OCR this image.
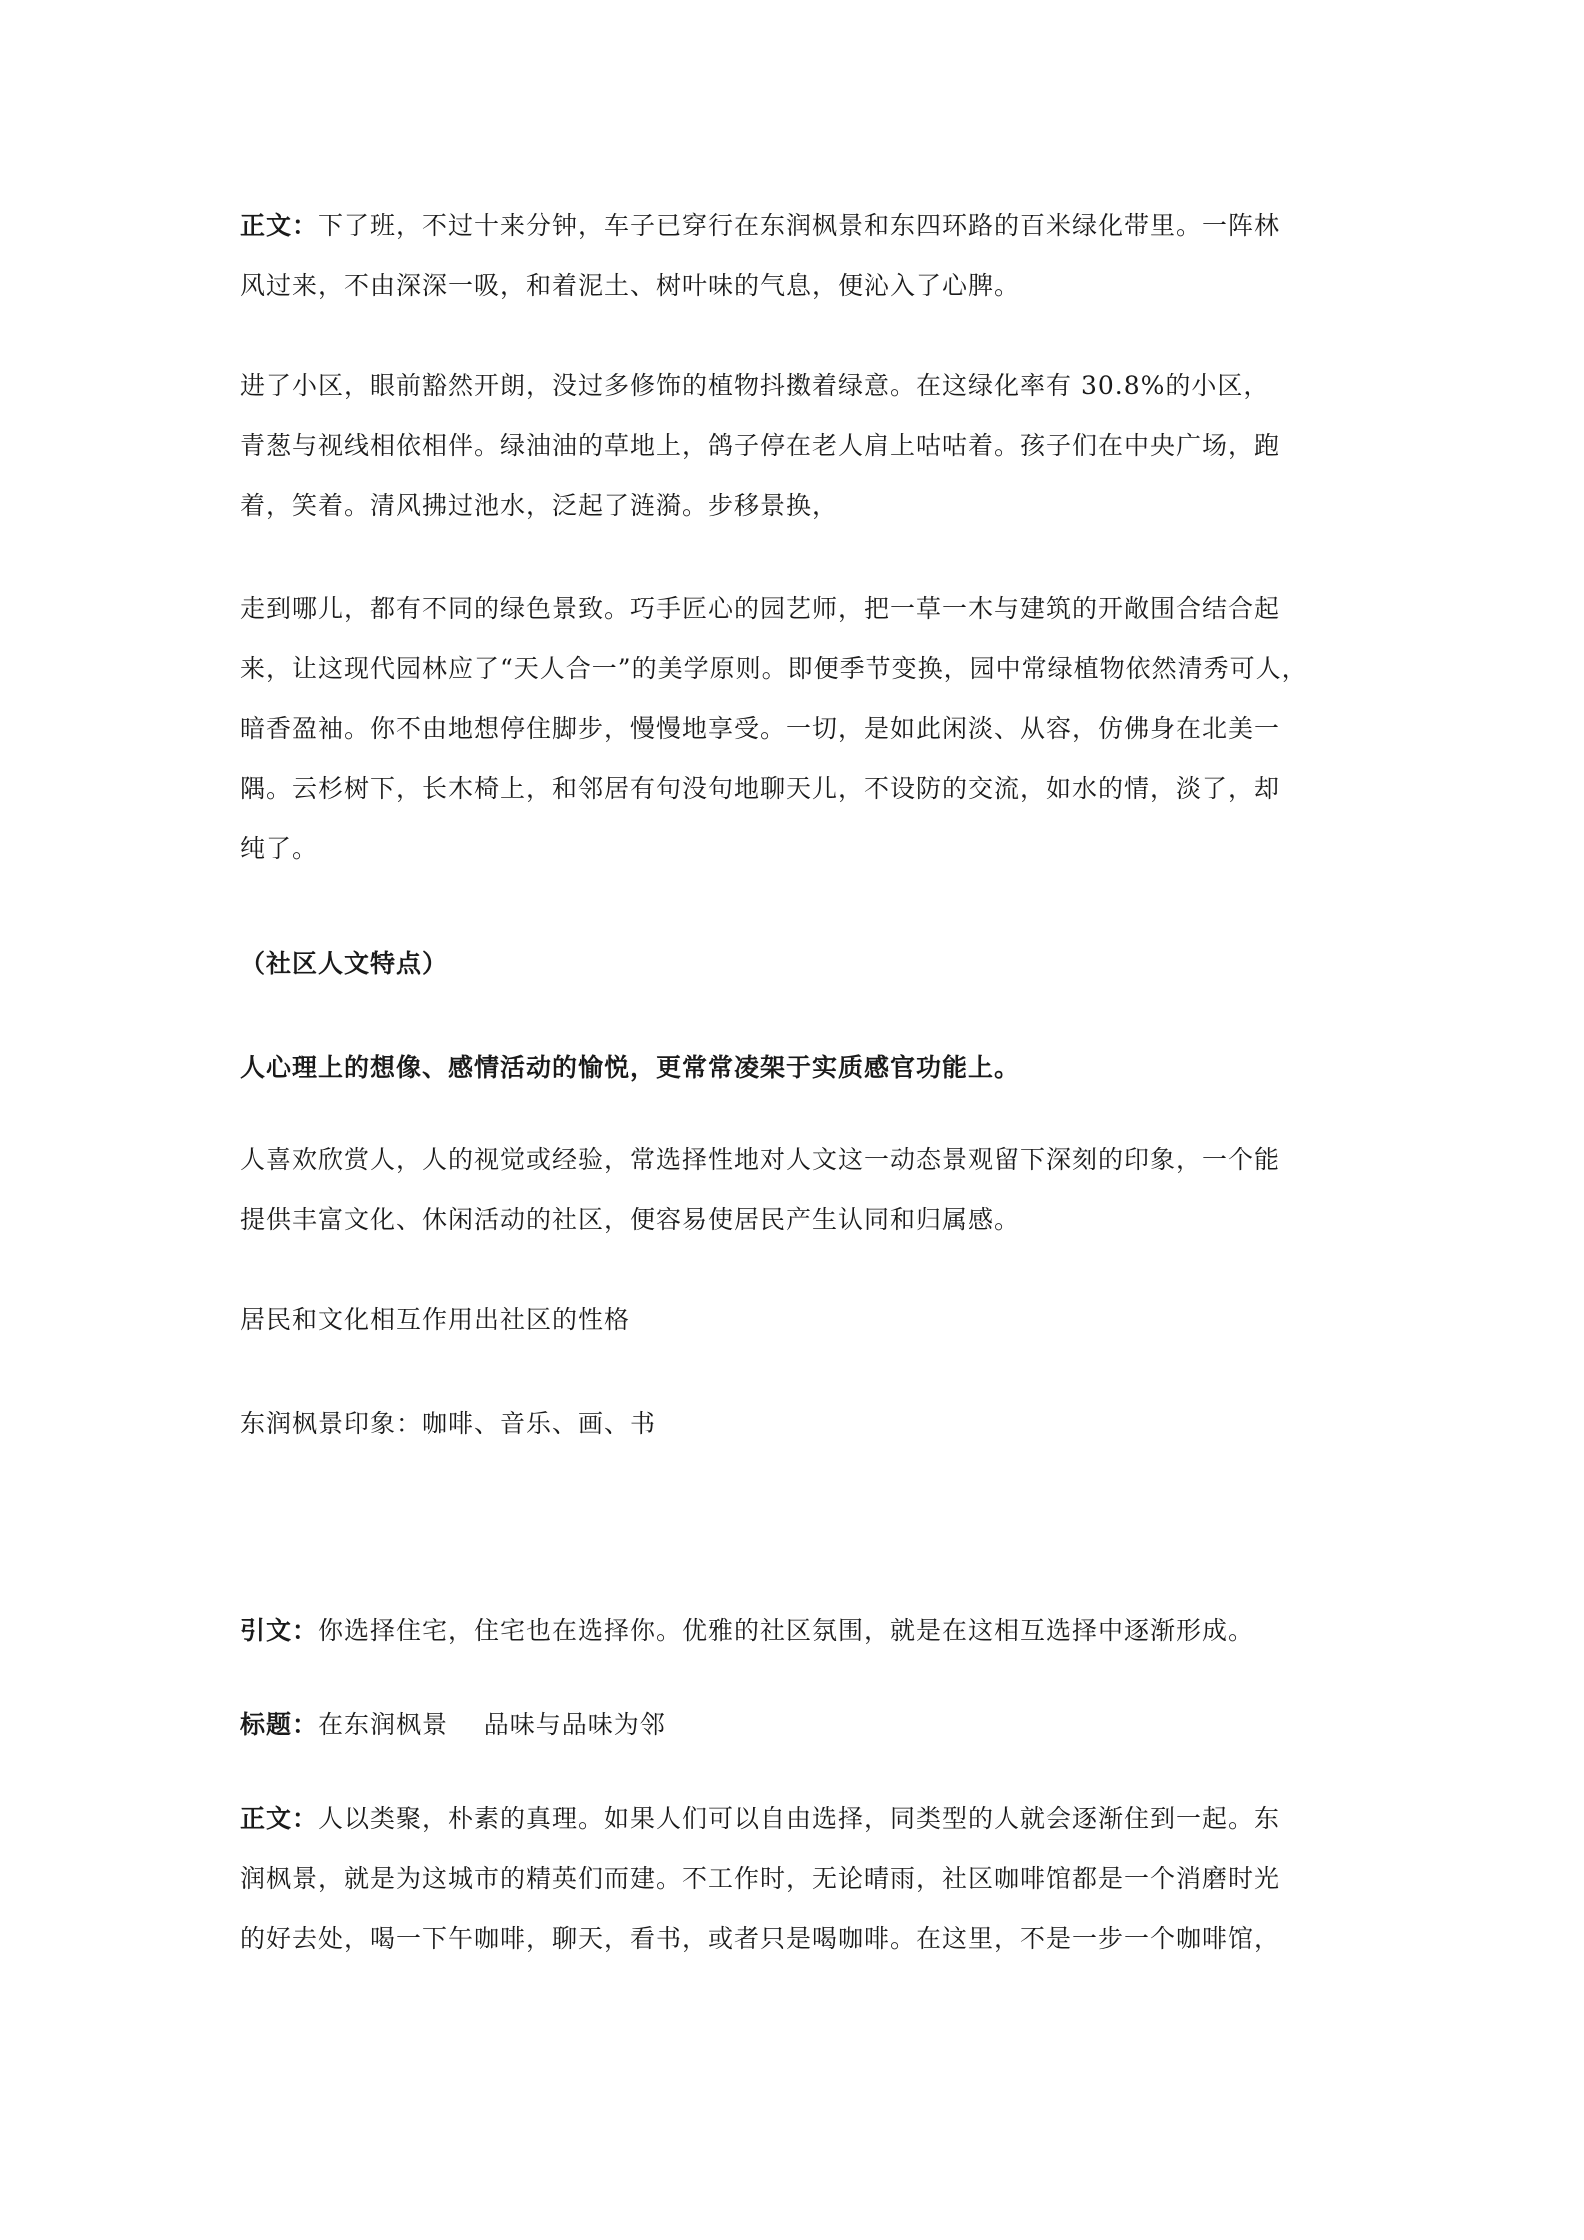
正文：下了班，不过十来分钟，车子已穿行在东润枫景和东四环路的百米绿化带里。一阵林
风过来，不由深深一吸，和着泥土、树叶味的气息，便沁入了心脾。
进了小区，眼前豁然开朗，没过多修饰的植物抖擞着绿意。在这绿化率有 30.8%的小区，
青葱与视线相依相伴。绿油油的草地上，鸽子停在老人肩上咕咕着。孩子们在中央广场，跑
着，笑着。清风拂过池水，泛起了涟漪。步移景换，
走到哪儿，都有不同的绿色景致。巧手匠心的园艺师，把一草一木与建筑的开敞围合结合起
来，让这现代园林应了“天人合一”的美学原则。即便季节变换，园中常绿植物依然清秀可人，
暗香盈袖。你不由地想停住脚步，慢慢地享受。一切，是如此闲淡、从容，仿佛身在北美一
隅。云杉树下，长木椅上，和邻居有句没句地聊天儿，不设防的交流，如水的情，淡了，却
纯了。
（社区人文特点）
人心理上的想像、感情活动的愉悦，更常常凌架于实质感官功能上。
人喜欢欣赏人，人的视觉或经验，常选择性地对人文这一动态景观留下深刻的印象，一个能
提供丰富文化、休闲活动的社区，便容易使居民产生认同和归属感。
居民和文化相互作用出社区的性格
东润枫景印象：咖啡、音乐、画、书
引文：你选择住宅，住宅也在选择你。优雅的社区氛围，就是在这相互选择中逐渐形成。
标题：在东润枫景    品味与品味为邻
正文：人以类聚，朴素的真理。如果人们可以自由选择，同类型的人就会逐渐住到一起。东
润枫景，就是为这城市的精英们而建。不工作时，无论晴雨，社区咖啡馆都是一个消磨时光
的好去处，喝一下午咖啡，聊天，看书，或者只是喝咖啡。在这里，不是一步一个咖啡馆，
